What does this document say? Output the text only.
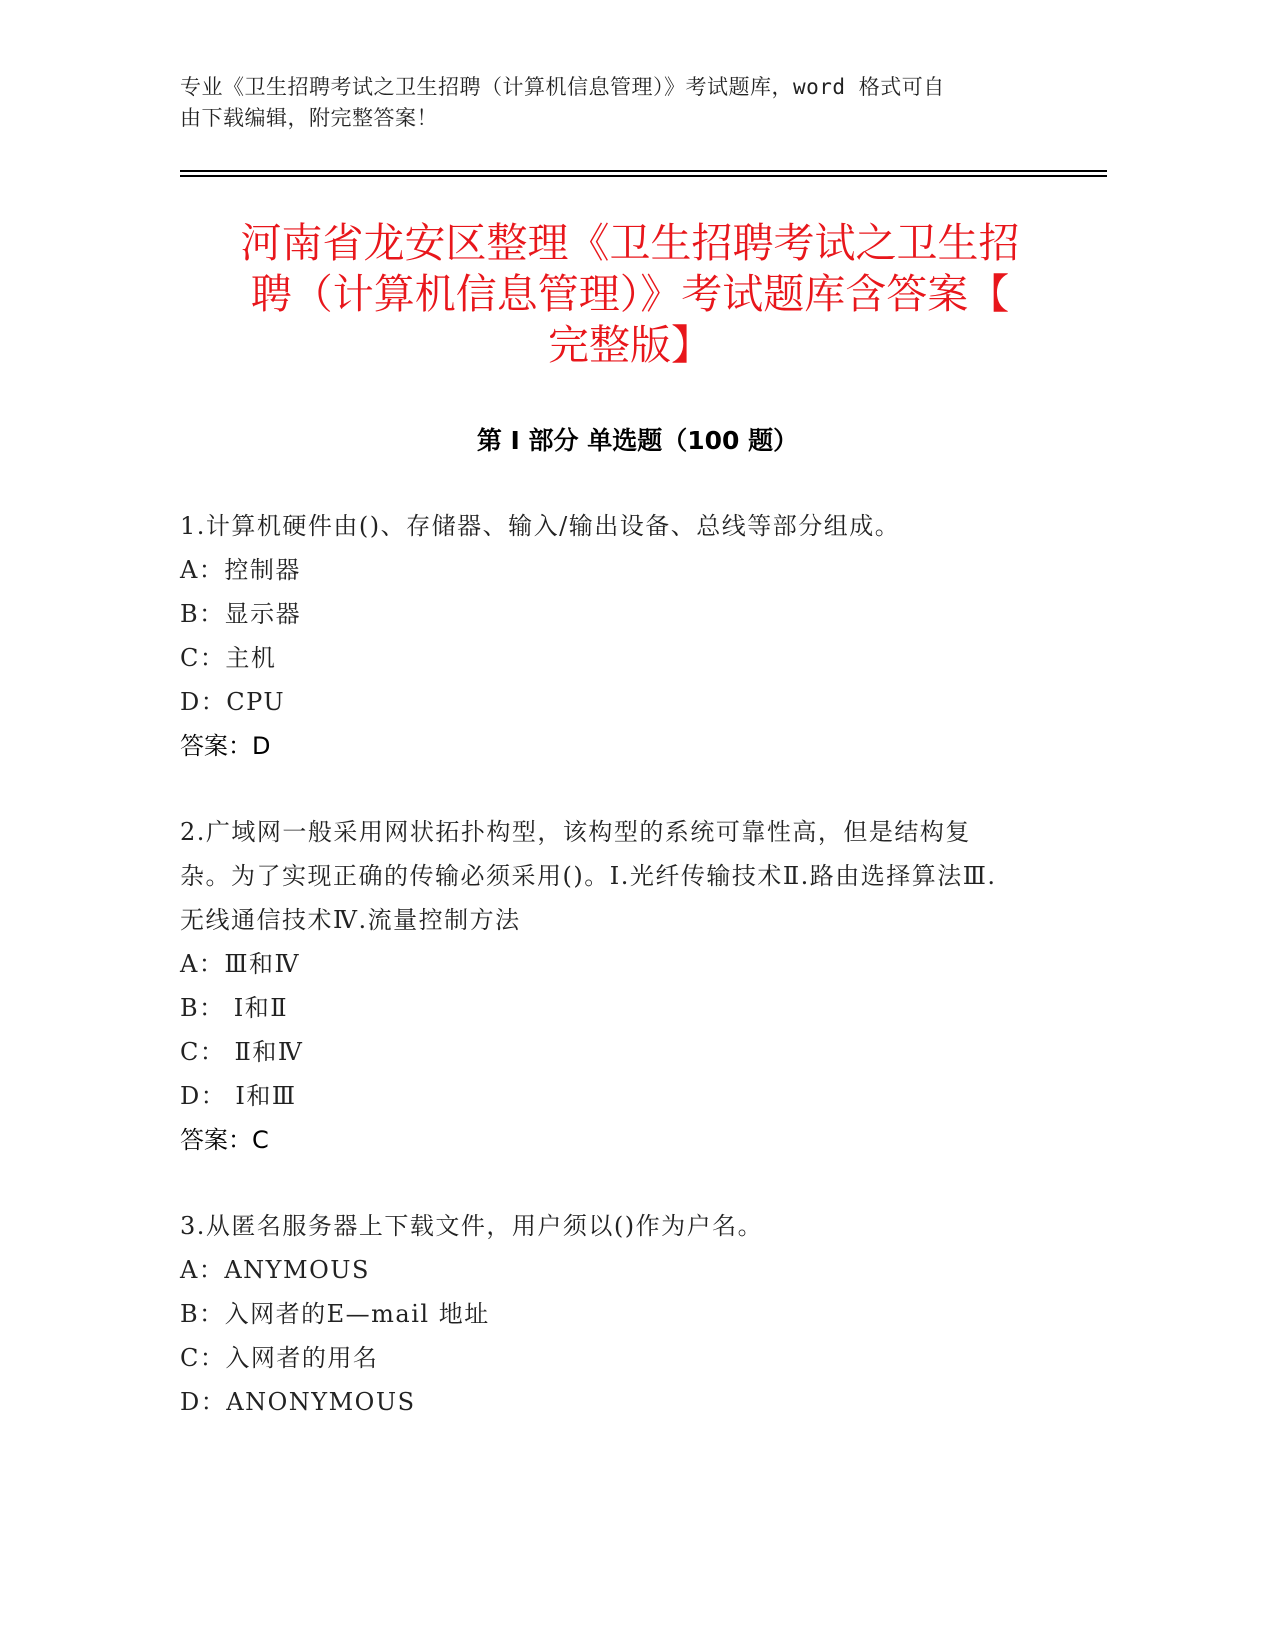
专业《卫生招聘考试之卫生招聘（计算机信息管理）》考试题库，word 格式可自
由下载编辑，附完整答案！
河南省龙安区整理《卫生招聘考试之卫生招
聘（计算机信息管理）》考试题库含答案【
完整版】
第 I 部分 单选题（100 题）
1.计算机硬件由()、存储器、输入/输出设备、总线等部分组成。
A：控制器
B：显示器
C：主机
D：CPU
答案：D
2.广域网一般采用网状拓扑构型，该构型的系统可靠性高，但是结构复杂。为了实现正确的传输必须采用()。Ⅰ.光纤传输技术Ⅱ.路由选择算法Ⅲ.无线通信技术Ⅳ.流量控制方法
A：Ⅲ和Ⅳ
B： Ⅰ和Ⅱ
C： Ⅱ和Ⅳ
D： Ⅰ和Ⅲ
答案：C
3.从匿名服务器上下载文件，用户须以()作为户名。
A：ANYMOUS
B：入网者的E—mail 地址
C：入网者的用名
D：ANONYMOUS
